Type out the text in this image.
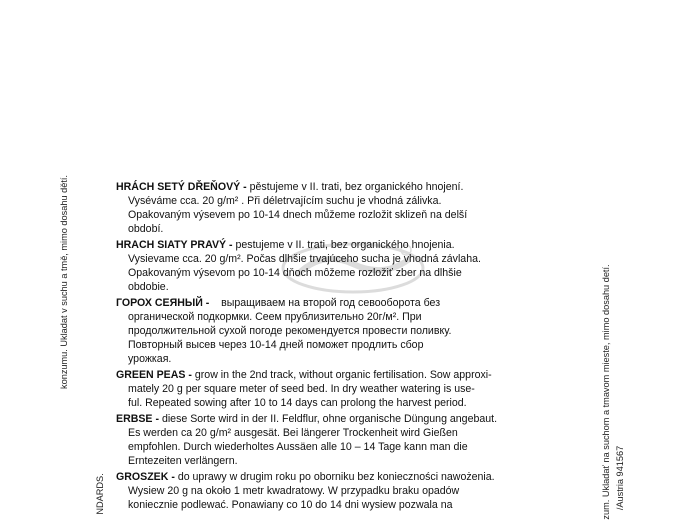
konzumu. Ukladat v suchu a tmě, mimo dosahu dětí.
NDARDS.	zum. Ukladať na suchom a tmavom mieste, mimo dosahu detí. /Austria 941567
HRÁCH SETÝ DŘEŇOVÝ - pěstujeme v II. trati, bez organického hnojení.
Vyséváme cca. 20 g/m² . Při déletrvajícím suchu je vhodná zálivka.
Opakovaným výsevem po 10-14 dnech můžeme rozložit sklizeň na delší
období.
HRACH SIATY PRAVÝ - pestujeme v II. trati, bez organického hnojenia.
Vysievame cca. 20 g/m². Počas dlhšie trvajúceho sucha je vhodná závlaha.
Opakovaným výsevom po 10-14 dňoch môžeme rozložiť zber na dlhšie
obdobie.
ГОРОХ СЕЯНЫЙ - выращиваем на второй год севооборота без
органической подкормки. Сеем прублизительно 20г/м². При
продолжительной сухой погоде рекомендуется провести поливку.
Повторный высев через 10-14 дней поможет продлить сбор
урожкая.
GREEN PEAS - grow in the 2nd track, without organic fertilisation. Sow approxi-
mately 20 g per square meter of seed bed. In dry weather watering is use-
ful. Repeated sowing after 10 to 14 days can prolong the harvest period.
ERBSE - diese Sorte wird in der II. Feldflur, ohne organische Düngung angebaut.
Es werden ca 20 g/m² ausgesät. Bei längerer Trockenheit wird Gießen
empfohlen. Durch wiederholtes Aussäen alle 10 – 14 Tage kann man die
Erntezeiten verlängern.
GROSZEK - do uprawy w drugim roku po oborniku bez konieczności nawożenia.
Wysiew 20 g na około 1 metr kwadratowy. W przypadku braku opadów
koniecznie podlewać. Ponawiany co 10 do 14 dni wysiew pozwala na
